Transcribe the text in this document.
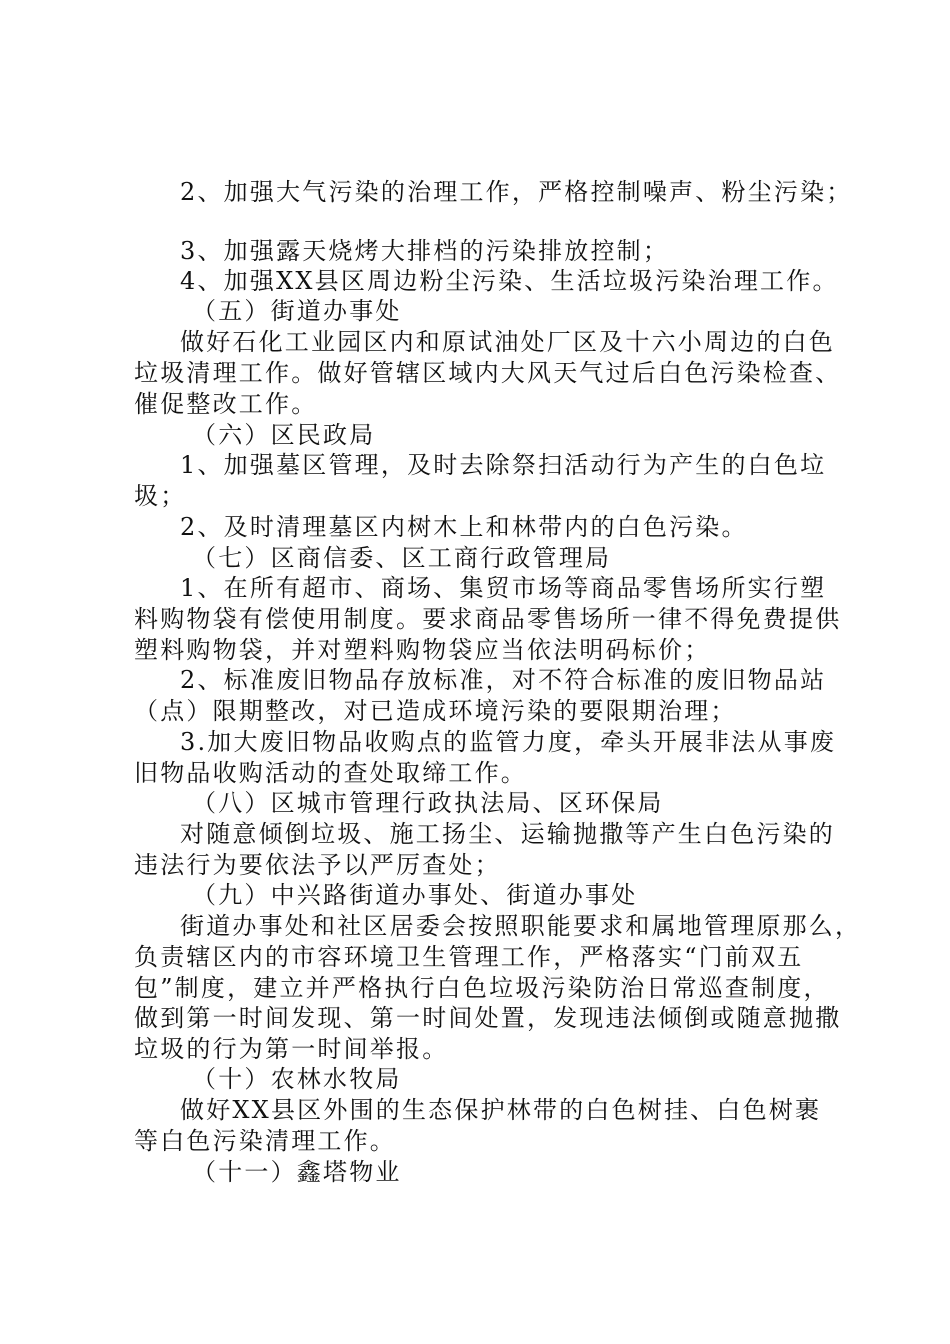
2、加强大气污染的治理工作，严格控制噪声、粉尘污染；
3、加强露天烧烤大排档的污染排放控制；
4、加强XX县区周边粉尘污染、生活垃圾污染治理工作。
（五）街道办事处
做好石化工业园区内和原试油处厂区及十六小周边的白色
垃圾清理工作。做好管辖区域内大风天气过后白色污染检查、
催促整改工作。
（六）区民政局
1、加强墓区管理，及时去除祭扫活动行为产生的白色垃
圾；
2、及时清理墓区内树木上和林带内的白色污染。
（七）区商信委、区工商行政管理局
1、在所有超市、商场、集贸市场等商品零售场所实行塑
料购物袋有偿使用制度。要求商品零售场所一律不得免费提供
塑料购物袋，并对塑料购物袋应当依法明码标价；
2、标准废旧物品存放标准，对不符合标准的废旧物品站
（点）限期整改，对已造成环境污染的要限期治理；
3.加大废旧物品收购点的监管力度，牵头开展非法从事废
旧物品收购活动的查处取缔工作。
（八）区城市管理行政执法局、区环保局
对随意倾倒垃圾、施工扬尘、运输抛撒等产生白色污染的
违法行为要依法予以严厉查处；
（九）中兴路街道办事处、街道办事处
街道办事处和社区居委会按照职能要求和属地管理原那么，
负责辖区内的市容环境卫生管理工作，严格落实“门前双五
包”制度，建立并严格执行白色垃圾污染防治日常巡查制度，
做到第一时间发现、第一时间处置，发现违法倾倒或随意抛撒
垃圾的行为第一时间举报。
（十）农林水牧局
做好XX县区外围的生态保护林带的白色树挂、白色树裹
等白色污染清理工作。
（十一）鑫塔物业
